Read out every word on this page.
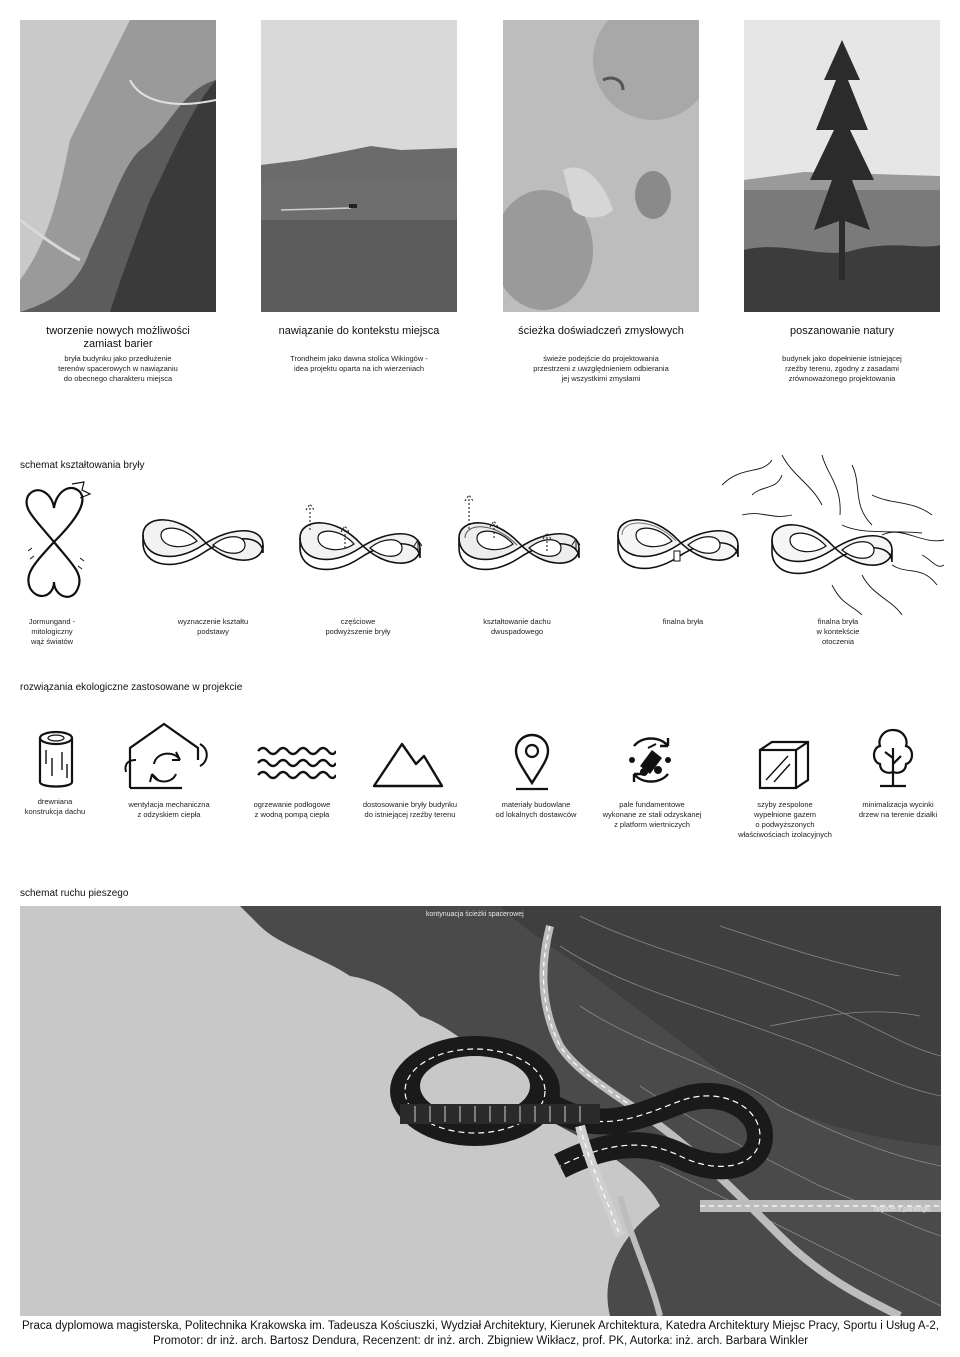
tworzenie nowych możliwości
zamiast barier
bryła budynku jako przedłużenie
terenów spacerowych w nawiązaniu
do obecnego charakteru miejsca
nawiązanie do kontekstu miejsca
Trondheim jako dawna stolica Wikingów -
idea projektu oparta na ich wierzeniach
ścieżka doświadczeń zmysłowych
świeże podejście do projektowania
przestrzeni z uwzględnieniem odbierania
jej wszystkimi zmysłami
poszanowanie natury
budynek jako dopełnienie istniejącej
rzeźby terenu, zgodny z zasadami
zrównoważonego projektowania
schemat kształtowania bryły
Jormungand -
mitologiczny
wąż światów
wyznaczenie kształtu
podstawy
częściowe
podwyższenie bryły
kształtowanie dachu
dwuspadowego
finalna bryła	finalna bryła
w kontekście
otoczenia
rozwiązania ekologiczne zastosowane w projekcie
drewniana
konstrukcja dachu
wentylacja mechaniczna
z odzyskiem ciepła
ogrzewanie podłogowe
z wodną pompą ciepła
dostosowanie bryły budynku
do istniejącej rzeźby terenu
materiały budowlane
od lokalnych dostawców
pale fundamentowe
wykonane ze stali odzyskanej
z platform wiertniczych
szyby zespolone
wypełnione gazem
o podwyższonych
właściwościach izolacyjnych
minimalizacja wycinki
drzew na terenie działki
schemat ruchu pieszego
kontynuacja ścieżki spacerowej
dojście z parkingu
Praca dyplomowa magisterska, Politechnika Krakowska im. Tadeusza Kościuszki, Wydział Architektury, Kierunek Architektura, Katedra Architektury Miejsc Pracy, Sportu i Usług A-2, Promotor: dr inż. arch. Bartosz Dendura, Recenzent: dr inż. arch. Zbigniew Wikłacz, prof. PK, Autorka: inż. arch. Barbara Winkler
